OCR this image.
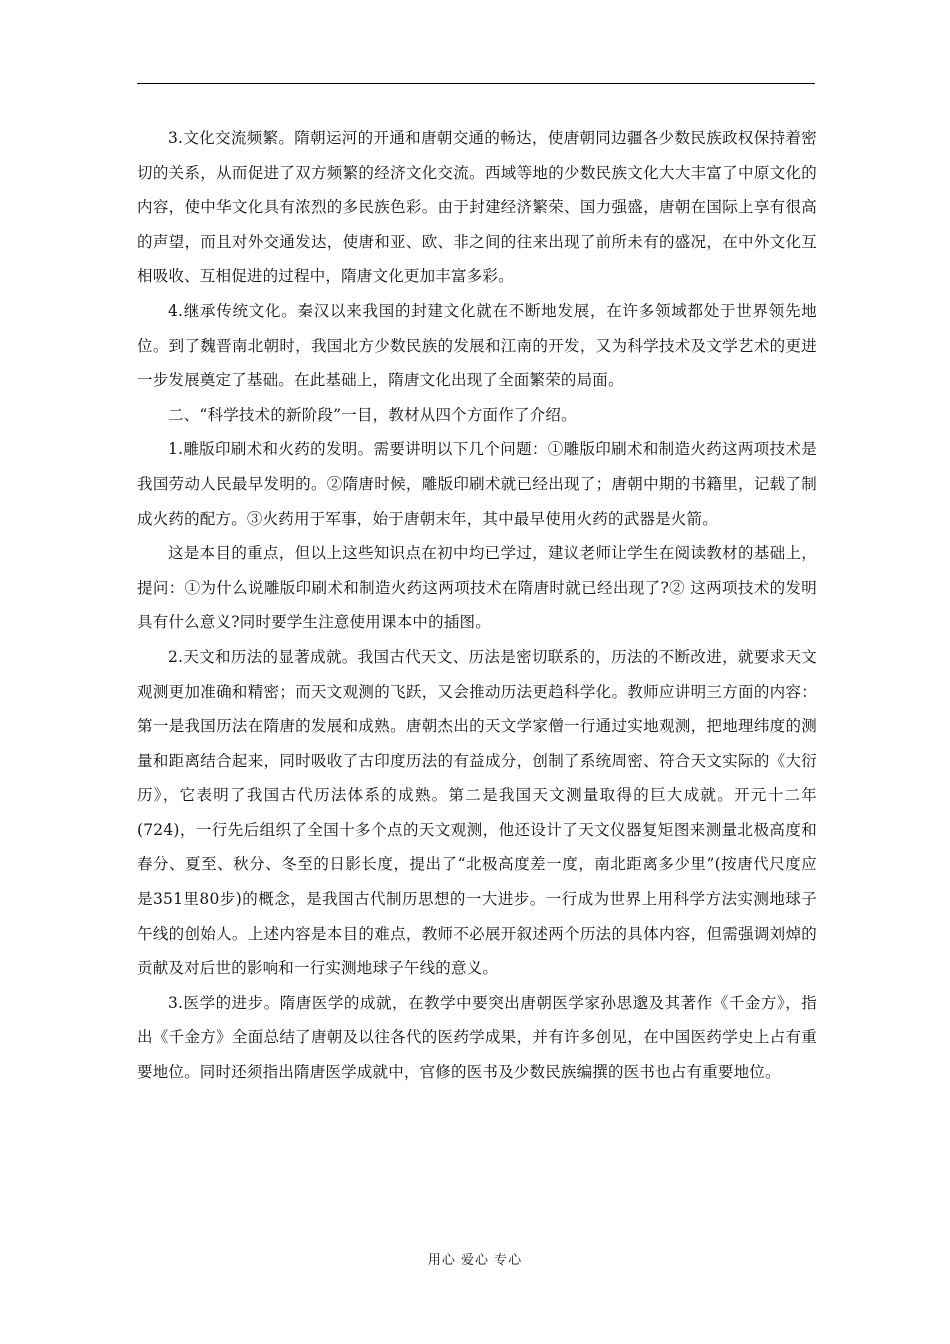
3.文化交流频繁。隋朝运河的开通和唐朝交通的畅达，使唐朝同边疆各少数民族政权保持着密切的关系，从而促进了双方频繁的经济文化交流。西域等地的少数民族文化大大丰富了中原文化的内容，使中华文化具有浓烈的多民族色彩。由于封建经济繁荣、国力强盛，唐朝在国际上享有很高的声望，而且对外交通发达，使唐和亚、欧、非之间的往来出现了前所未有的盛况，在中外文化互相吸收、互相促进的过程中，隋唐文化更加丰富多彩。

4.继承传统文化。秦汉以来我国的封建文化就在不断地发展，在许多领域都处于世界领先地位。到了魏晋南北朝时，我国北方少数民族的发展和江南的开发，又为科学技术及文学艺术的更进一步发展奠定了基础。在此基础上，隋唐文化出现了全面繁荣的局面。

二、“科学技术的新阶段”一目，教材从四个方面作了介绍。

1.雕版印刷术和火药的发明。需要讲明以下几个问题：①雕版印刷术和制造火药这两项技术是我国劳动人民最早发明的。②隋唐时候，雕版印刷术就已经出现了；唐朝中期的书籍里，记载了制成火药的配方。③火药用于军事，始于唐朝末年，其中最早使用火药的武器是火箭。

这是本目的重点，但以上这些知识点在初中均已学过，建议老师让学生在阅读教材的基础上，提问：①为什么说雕版印刷术和制造火药这两项技术在隋唐时就已经出现了?② 这两项技术的发明具有什么意义?同时要学生注意使用课本中的插图。

2.天文和历法的显著成就。我国古代天文、历法是密切联系的，历法的不断改进，就要求天文观测更加准确和精密；而天文观测的飞跃，又会推动历法更趋科学化。教师应讲明三方面的内容：第一是我国历法在隋唐的发展和成熟。唐朝杰出的天文学家僧一行通过实地观测，把地理纬度的测量和距离结合起来，同时吸收了古印度历法的有益成分，创制了系统周密、符合天文实际的《大衍历》，它表明了我国古代历法体系的成熟。第二是我国天文测量取得的巨大成就。开元十二年(724)，一行先后组织了全国十多个点的天文观测，他还设计了天文仪器复矩图来测量北极高度和春分、夏至、秋分、冬至的日影长度，提出了“北极高度差一度，南北距离多少里”(按唐代尺度应是351里80步)的概念，是我国古代制历思想的一大进步。一行成为世界上用科学方法实测地球子午线的创始人。上述内容是本目的难点，教师不必展开叙述两个历法的具体内容，但需强调刘焯的贡献及对后世的影响和一行实测地球子午线的意义。

3.医学的进步。隋唐医学的成就，在教学中要突出唐朝医学家孙思邈及其著作《千金方》，指出《千金方》全面总结了唐朝及以往各代的医药学成果，并有许多创见，在中国医药学史上占有重要地位。同时还须指出隋唐医学成就中，官修的医书及少数民族编撰的医书也占有重要地位。

用心 爱心 专心
